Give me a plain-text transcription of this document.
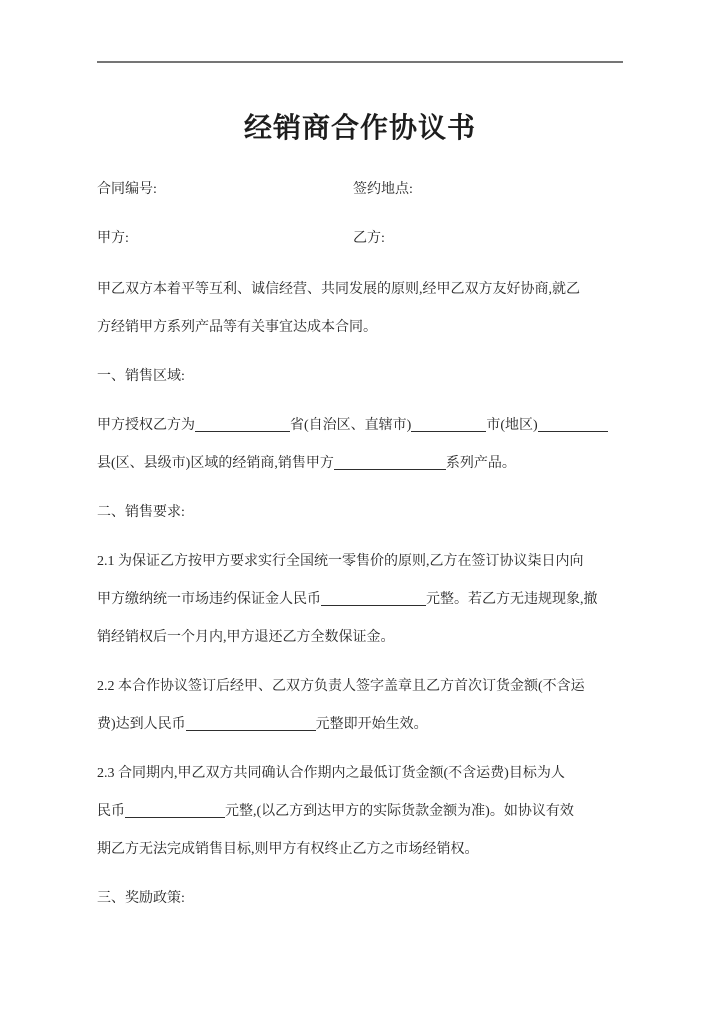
经销商合作协议书
合同编号:	签约地点:
甲方:	乙方:
甲乙双方本着平等互利、诚信经营、共同发展的原则,经甲乙双方友好协商,就乙
方经销甲方系列产品等有关事宜达成本合同。
一、销售区域:
甲方授权乙方为	省(自治区、直辖市)	市(地区)
县(区、县级市)区域的经销商,销售甲方	系列产品。
二、销售要求:
2.1 为保证乙方按甲方要求实行全国统一零售价的原则,乙方在签订协议柒日内向
甲方缴纳统一市场违约保证金人民币	元整。若乙方无违规现象,撤
销经销权后一个月内,甲方退还乙方全数保证金。
2.2 本合作协议签订后经甲、乙双方负责人签字盖章且乙方首次订货金额(不含运
费)达到人民币	元整即开始生效。
2.3 合同期内,甲乙双方共同确认合作期内之最低订货金额(不含运费)目标为人
民币	元整,(以乙方到达甲方的实际货款金额为准)。如协议有效
期乙方无法完成销售目标,则甲方有权终止乙方之市场经销权。
三、奖励政策:
